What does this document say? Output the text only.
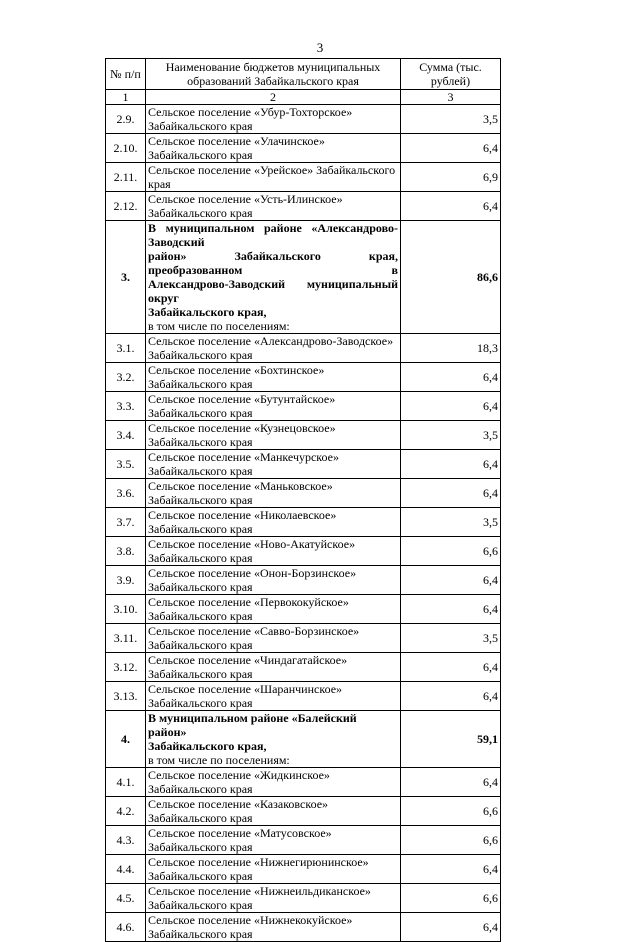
3
№ п/п	Наименование бюджетов муниципальных образований Забайкальского края	Сумма (тыс. рублей)
1	2	3
2.9.	Сельское поселение «Убур-Тохторское» Забайкальского края	3,5
2.10.	Сельское поселение «Улачинское» Забайкальского края	6,4
2.11.	Сельское поселение «Урейское» Забайкальского края	6,9
2.12.	Сельское поселение «Усть-Илинское» Забайкальского края	6,4
3.	В муниципальном районе «Александрово-Заводский
район» Забайкальского края, преобразованном в
Александрово-Заводский муниципальный округ
Забайкальского края,
в том числе по поселениям:	86,6
3.1.	Сельское поселение «Александрово-Заводское» Забайкальского края	18,3
3.2.	Сельское поселение «Бохтинское» Забайкальского края	6,4
3.3.	Сельское поселение «Бутунтайское» Забайкальского края	6,4
3.4.	Сельское поселение «Кузнецовское» Забайкальского края	3,5
3.5.	Сельское поселение «Манкечурское» Забайкальского края	6,4
3.6.	Сельское поселение «Маньковское» Забайкальского края	6,4
3.7.	Сельское поселение «Николаевское» Забайкальского края	3,5
3.8.	Сельское поселение «Ново-Акатуйское» Забайкальского края	6,6
3.9.	Сельское поселение «Онон-Борзинское» Забайкальского края	6,4
3.10.	Сельское поселение «Первококуйское» Забайкальского края	6,4
3.11.	Сельское поселение «Савво-Борзинское» Забайкальского края	3,5
3.12.	Сельское поселение «Чиндагатайское» Забайкальского края	6,4
3.13.	Сельское поселение «Шаранчинское» Забайкальского края	6,4
4.	В муниципальном районе «Балейский район»
Забайкальского края,
в том числе по поселениям:	59,1
4.1.	Сельское поселение «Жидкинское» Забайкальского края	6,4
4.2.	Сельское поселение «Казаковское» Забайкальского края	6,6
4.3.	Сельское поселение «Матусовское» Забайкальского края	6,6
4.4.	Сельское поселение «Нижнегирюнинское» Забайкальского края	6,4
4.5.	Сельское поселение «Нижнеильдиканское» Забайкальского края	6,6
4.6.	Сельское поселение «Нижнекокуйское» Забайкальского края	6,4
